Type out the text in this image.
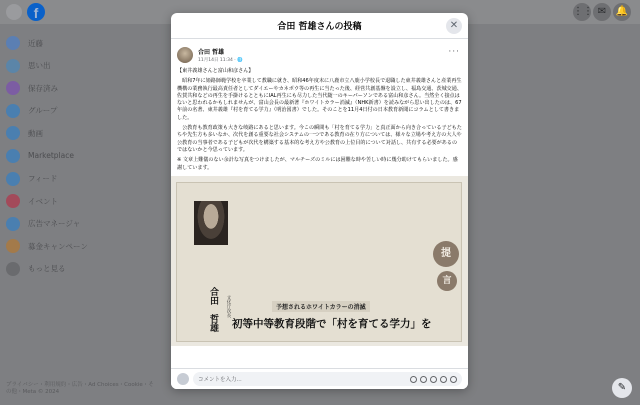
f	⋮⋮ ✉ 🔔
近藤
思い出
保存済み
グループ
動画
Marketplace
フィード
イベント
広告マネージャ
募金キャンペーン
もっと見る
プライバシー・利用規約・広告・Ad Choices・Cookie・その他・Meta © 2024	✎
合田 哲雄さんの投稿	✕
合田 哲雄
11月14日 11:34 · 🌐
···

【東井義雄さんと富山和彦さん】

　昭和7年に姫路師範学校を卒業して教職に就き、昭和46年度末に八鹿市立八鹿小学校長で退職した東井義雄さんと産業再生機構の業務執行最高責任者としてダイエーやカネボウ等の再生に当たった後、経営共創基盤を設立し、福島交通、茨城交通、佐賀共和などの再生を手掛けるとともにIAL再生にも尽力した当代随一のキーパーソンである富山和彦さん。当然全く接点はないと思われるかもしれませんが、富山会長の最新著『ホワイトカラー消滅』（NHK新書）を読みながら思い出したのは、67年前の名著、東井義雄『村を育てる学力』（明治図書）でした。そのことを11月4日付の日本教育新聞にコラムとして書きました。

　公教育も教育政策も大きな岐路にあると思います。今この瞬間も「村を育てる学力」と真正面から向き合っている子どもたちや先生方も多いなか、次代を創る重要な社会システムの一つである教育の在り方については、様々な立場や考え方の大人や公教育の当事者である子どもが次代を構築する基本的な考え方や公教育の上位目的について対話し、共有する必要があるのではないかと今思っています。

※ 文章上難儀のない余計な写真をつけましたが、マルチーズのミルには困難な時や苦しい時に幾分助けてもらいました。感謝しています。

合田　哲雄	文化庁次長
提
言
予想されるホワイトカラーの消滅
初等中等教育段階で「村を育てる学力」を
コメントを入力...
